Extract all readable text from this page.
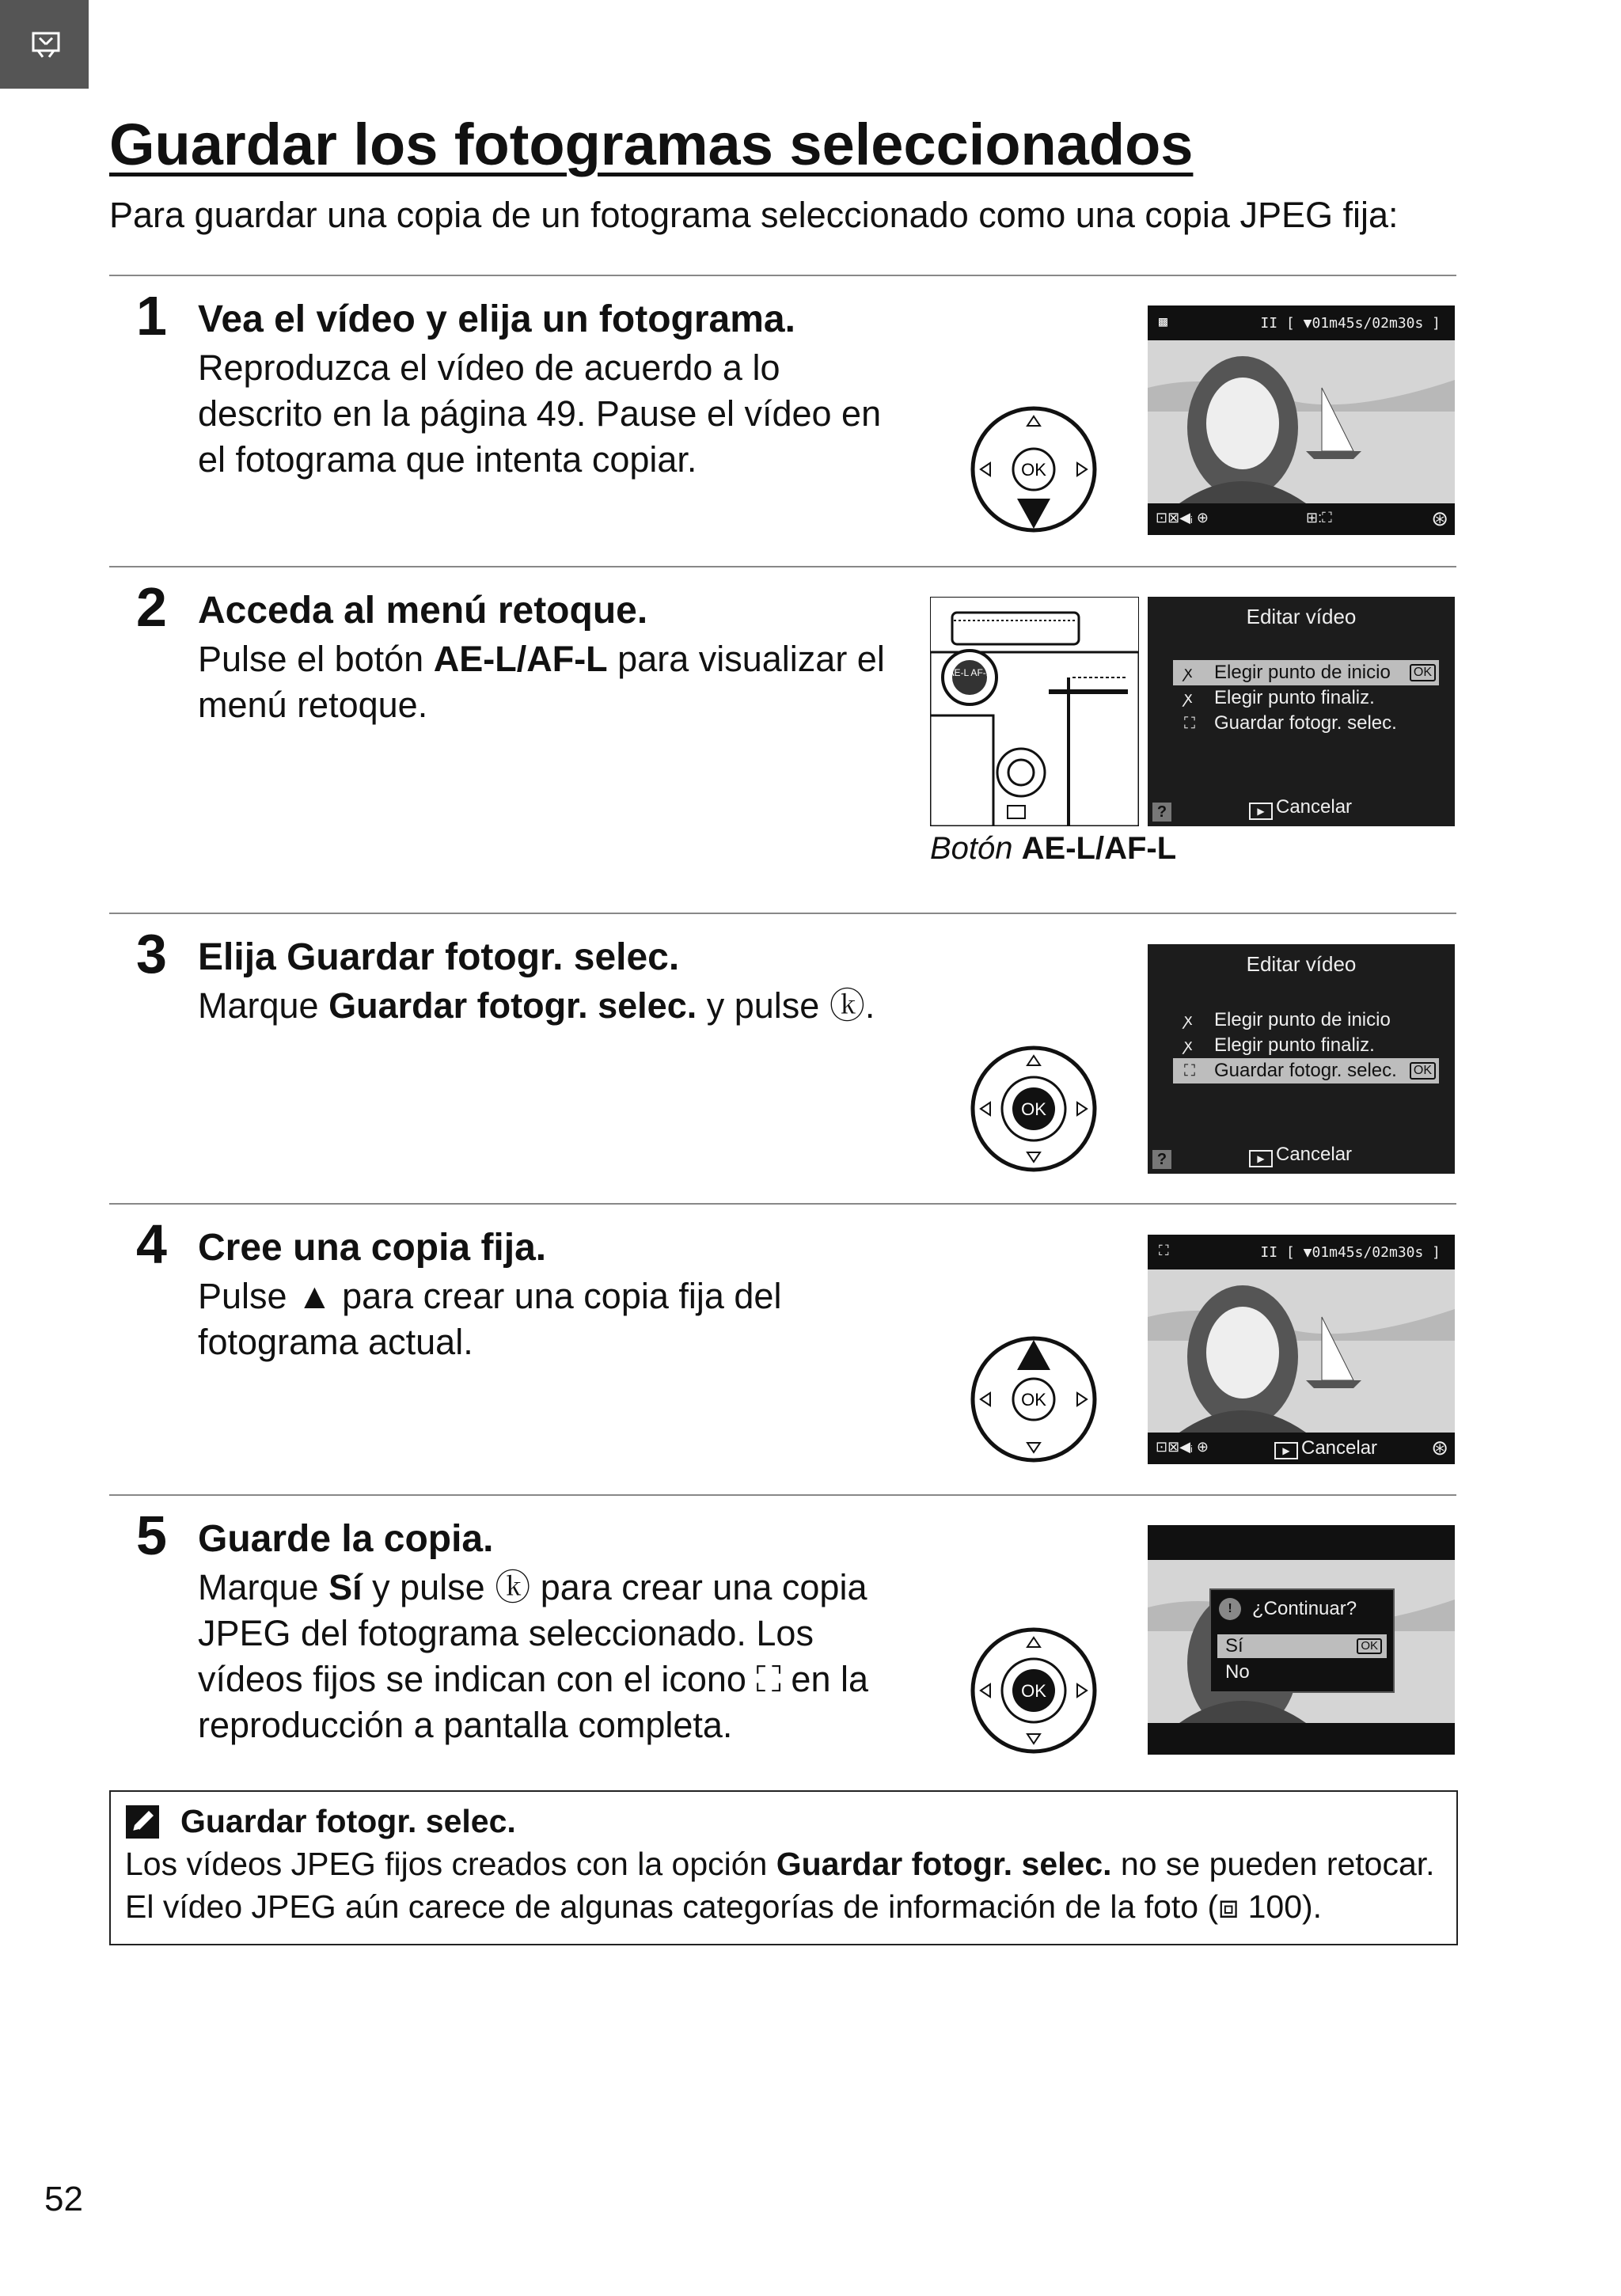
Guardar los fotogramas seleccionados
Para guardar una copia de un fotograma seleccionado como una copia JPEG fija:
1 Vea el vídeo y elija un fotograma.
Reproduzca el vídeo de acuerdo a lo descrito en la página 49. Pause el vídeo en el fotograma que intenta copiar.	OK
▩	II [ ▼01m45s/02m30s ]
⊡⊠◀ᵢ ⊕	⊞:⛶	⊛
2 Acceda al menú retoque.
Pulse el botón AE-L/AF-L para visualizar el menú retoque.
AE-L AF-L
Botón AE-L/AF-L
Editar vídeo
ꭗ Elegir punto de inicio	OK
ꭗ Elegir punto finaliz.
⛶ Guardar fotogr. selec.
?	▶ Cancelar
3 Elija Guardar fotogr. selec.
Marque Guardar fotogr. selec. y pulse ⓚ.
OK
Editar vídeo
ꭗ Elegir punto de inicio
ꭗ Elegir punto finaliz.
⛶ Guardar fotogr. selec.	OK
?	▶ Cancelar
4 Cree una copia fija.
Pulse ▲ para crear una copia fija del fotograma actual.
OK
⛶	II [ ▼01m45s/02m30s ]
⊡⊠◀ᵢ ⊕	▶ Cancelar	⊛
5 Guarde la copia.
Marque Sí y pulse ⓚ para crear una copia JPEG del fotograma seleccionado. Los vídeos fijos se indican con el icono ⛶ en la reproducción a pantalla completa.
OK
!	¿Continuar?
Sí	OK
No
Guardar fotogr. selec.
Los vídeos JPEG fijos creados con la opción Guardar fotogr. selec. no se pueden retocar. El vídeo JPEG aún carece de algunas categorías de información de la foto (⧈ 100).
52
